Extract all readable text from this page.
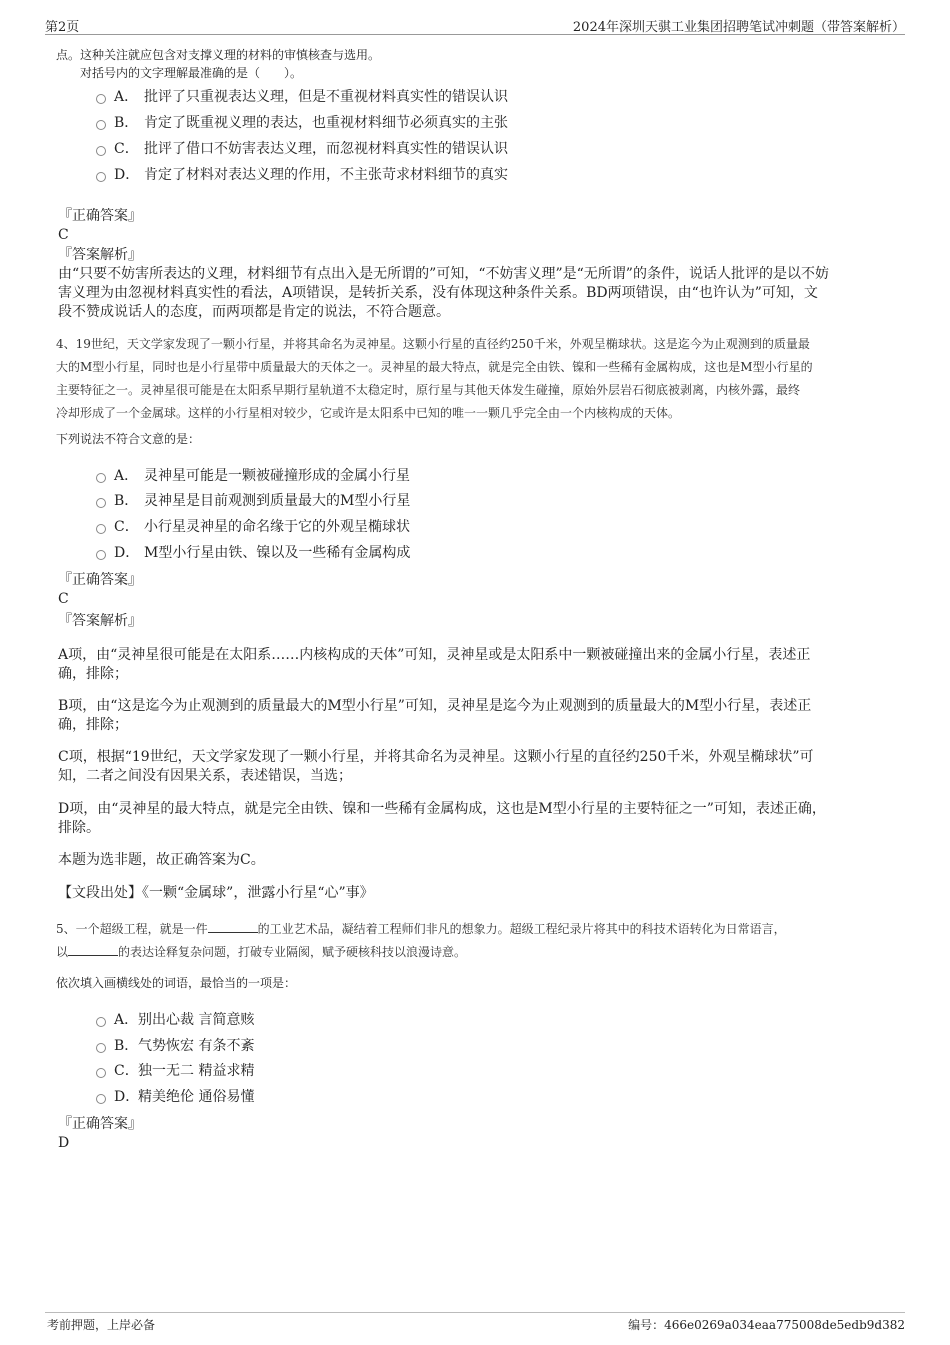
第2页	2024年深圳天骐工业集团招聘笔试冲刺题（带答案解析）
点。这种关注就应包含对支撑义理的材料的审慎核查与选用。
对括号内的文字理解最准确的是（　　）。
A． 批评了只重视表达义理，但是不重视材料真实性的错误认识
B． 肯定了既重视义理的表达，也重视材料细节必须真实的主张
C． 批评了借口不妨害表达义理，而忽视材料真实性的错误认识
D． 肯定了材料对表达义理的作用，不主张苛求材料细节的真实
『正确答案』
C
『答案解析』
由“只要不妨害所表达的义理，材料细节有点出入是无所谓的”可知，“不妨害义理”是“无所谓”的条件，说话人批评的是以不妨
害义理为由忽视材料真实性的看法，A项错误，是转折关系，没有体现这种条件关系。BD两项错误，由“也许认为”可知，文
段不赞成说话人的态度，而两项都是肯定的说法，不符合题意。
4、19世纪，天文学家发现了一颗小行星，并将其命名为灵神星。这颗小行星的直径约250千米，外观呈椭球状。这是迄今为止观测到的质量最
大的M型小行星，同时也是小行星带中质量最大的天体之一。灵神星的最大特点，就是完全由铁、镍和一些稀有金属构成，这也是M型小行星的
主要特征之一。灵神星很可能是在太阳系早期行星轨道不太稳定时，原行星与其他天体发生碰撞，原始外层岩石彻底被剥离，内核外露，最终
冷却形成了一个金属球。这样的小行星相对较少，它或许是太阳系中已知的唯一一颗几乎完全由一个内核构成的天体。
下列说法不符合文意的是：
A． 灵神星可能是一颗被碰撞形成的金属小行星
B． 灵神星是目前观测到质量最大的M型小行星
C． 小行星灵神星的命名缘于它的外观呈椭球状
D． M型小行星由铁、镍以及一些稀有金属构成
『正确答案』
C
『答案解析』
A项，由“灵神星很可能是在太阳系……内核构成的天体”可知，灵神星或是太阳系中一颗被碰撞出来的金属小行星，表述正
确，排除；
B项，由“这是迄今为止观测到的质量最大的M型小行星”可知，灵神星是迄今为止观测到的质量最大的M型小行星，表述正
确，排除；
C项，根据“19世纪，天文学家发现了一颗小行星，并将其命名为灵神星。这颗小行星的直径约250千米，外观呈椭球状”可
知，二者之间没有因果关系，表述错误，当选；
D项，由“灵神星的最大特点，就是完全由铁、镍和一些稀有金属构成，这也是M型小行星的主要特征之一”可知，表述正确，
排除。
本题为选非题，故正确答案为C。
【文段出处】《一颗“金属球”，泄露小行星“心”事》
5、一个超级工程，就是一件	的工业艺术品，凝结着工程师们非凡的想象力。超级工程纪录片将其中的科技术语转化为日常语言，
以	的表达诠释复杂问题，打破专业隔阂，赋予硬核科技以浪漫诗意。
依次填入画横线处的词语，最恰当的一项是：
A．别出心裁 言简意赅
B．气势恢宏 有条不紊
C．独一无二 精益求精
D．精美绝伦 通俗易懂
『正确答案』
D
考前押题，上岸必备	编号：466e0269a034eaa775008de5edb9d382
